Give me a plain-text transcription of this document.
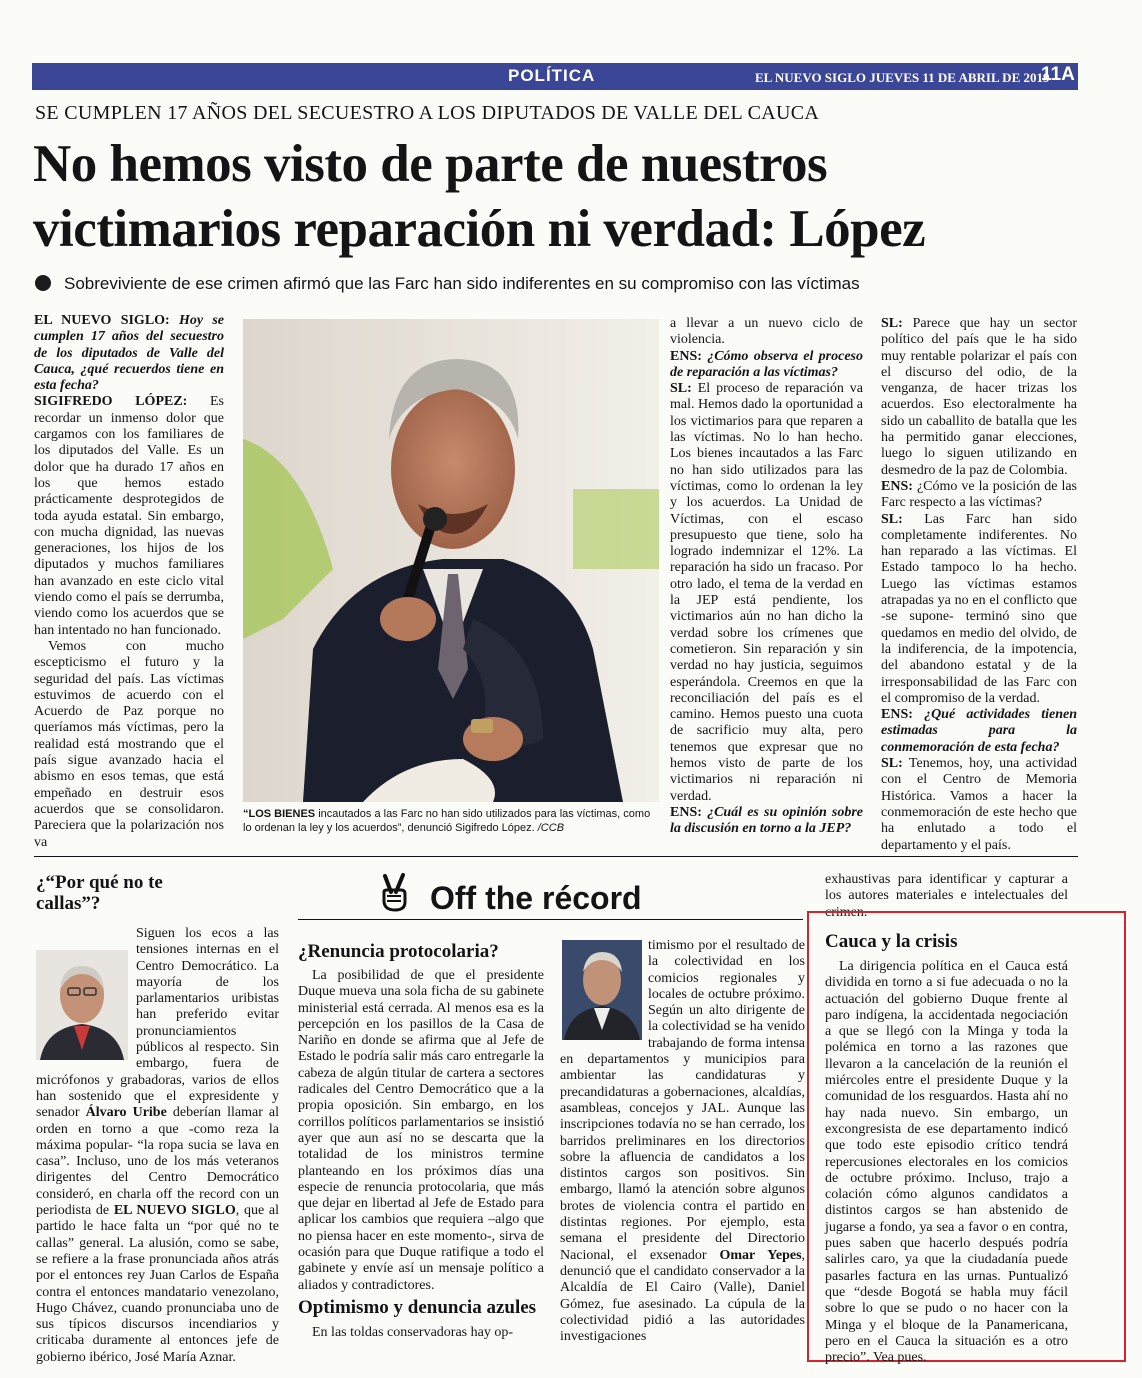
POLÍTICA	EL NUEVO SIGLO JUEVES 11 DE ABRIL DE 2019
11A
SE CUMPLEN 17 AÑOS DEL SECUESTRO A LOS DIPUTADOS DE VALLE DEL CAUCA
No hemos visto de parte de nuestros victimarios reparación ni verdad: López
Sobreviviente de ese crimen afirmó que las Farc han sido indiferentes en su compromiso con las víctimas

EL NUEVO SIGLO: Hoy se cumplen 17 años del secuestro de los diputados de Valle del Cauca, ¿qué recuerdos tiene en esta fecha?

SIGIFREDO LÓPEZ: Es recordar un inmenso dolor que cargamos con los familiares de los diputados del Valle. Es un dolor que ha durado 17 años en los que hemos estado prácticamente desprotegidos de toda ayuda estatal. Sin embargo, con mucha dignidad, las nuevas generaciones, los hijos de los diputados y muchos familiares han avanzado en este ciclo vital viendo como el país se derrumba, viendo como los acuerdos que se han intentado no han funcionado.

Vemos con mucho escepticismo el futuro y la seguridad del país. Las víctimas estuvimos de acuerdo con el Acuerdo de Paz porque no queríamos más víctimas, pero la realidad está mostrando que el país sigue avanzado hacia el abismo en esos temas, que está empeñado en destruir esos acuerdos que se consolidaron. Pareciera que la polarización nos va

“LOS BIENES incautados a las Farc no han sido utilizados para las víctimas, como lo ordenan la ley y los acuerdos”, denunció Sigifredo López. /CCB

a llevar a un nuevo ciclo de violencia.

ENS: ¿Cómo observa el proceso de reparación a las víctimas?

SL: El proceso de reparación va mal. Hemos dado la oportunidad a los victimarios para que reparen a las víctimas. No lo han hecho. Los bienes incautados a las Farc no han sido utilizados para las víctimas, como lo ordenan la ley y los acuerdos. La Unidad de Víctimas, con el escaso presupuesto que tiene, solo ha logrado indemnizar el 12%. La reparación ha sido un fracaso. Por otro lado, el tema de la verdad en la JEP está pendiente, los victimarios aún no han dicho la verdad sobre los crímenes que cometieron. Sin reparación y sin verdad no hay justicia, seguimos esperándola. Creemos en que la reconciliación del país es el camino. Hemos puesto una cuota de sacrificio muy alta, pero tenemos que expresar que no hemos visto de parte de los victimarios ni reparación ni verdad.

ENS: ¿Cuál es su opinión sobre la discusión en torno a la JEP?

SL: Parece que hay un sector político del país que le ha sido muy rentable polarizar el país con el discurso del odio, de la venganza, de hacer trizas los acuerdos. Eso electoralmente ha sido un caballito de batalla que les ha permitido ganar elecciones, luego lo siguen utilizando en desmedro de la paz de Colombia.

ENS: ¿Cómo ve la posición de las Farc respecto a las víctimas?

SL: Las Farc han sido completamente indiferentes. No han reparado a las víctimas. El Estado tampoco lo ha hecho. Luego las víctimas estamos atrapadas ya no en el conflicto que -se supone- terminó sino que quedamos en medio del olvido, de la indiferencia, de la impotencia, del abandono estatal y de la irresponsabilidad de las Farc con el compromiso de la verdad.

ENS: ¿Qué actividades tienen estimadas para la conmemoración de esta fecha?

SL: Tenemos, hoy, una actividad con el Centro de Memoria Histórica. Vamos a hacer la conmemoración de este hecho que ha enlutado a todo el departamento y el país.

Off the récord
¿“Por qué no te callas”?

Siguen los ecos a las tensiones internas en el Centro Democrático. La mayoría de los parlamentarios uribistas han preferido evitar pronunciamientos públicos al respecto. Sin embargo, fuera de micrófonos y grabadoras, varios de ellos han sostenido que el expresidente y senador Álvaro Uribe deberían llamar al orden en torno a que -como reza la máxima popular- “la ropa sucia se lava en casa”. Incluso, uno de los más veteranos dirigentes del Centro Democrático consideró, en charla off the record con un periodista de EL NUEVO SIGLO, que al partido le hace falta un “por qué no te callas” general. La alusión, como se sabe, se refiere a la frase pronunciada años atrás por el entonces rey Juan Carlos de España contra el entonces mandatario venezolano, Hugo Chávez, cuando pronunciaba uno de sus típicos discursos incendiarios y criticaba duramente al entonces jefe de gobierno ibérico, José María Aznar.

¿Renuncia protocolaria?

La posibilidad de que el presidente Duque mueva una sola ficha de su gabinete ministerial está cerrada. Al menos esa es la percepción en los pasillos de la Casa de Nariño en donde se afirma que al Jefe de Estado le podría salir más caro entregarle la cabeza de algún titular de cartera a sectores radicales del Centro Democrático que a la propia oposición. Sin embargo, en los corrillos políticos parlamentarios se insistió ayer que aun así no se descarta que la totalidad de los ministros termine planteando en los próximos días una especie de renuncia protocolaria, que más que dejar en libertad al Jefe de Estado para aplicar los cambios que requiera –algo que no piensa hacer en este momento-, sirva de ocasión para que Duque ratifique a todo el gabinete y envíe así un mensaje político a aliados y contradictores.

Optimismo y denuncia azules

En las toldas conservadoras hay op-

timismo por el resultado de la colectividad en los comicios regionales y locales de octubre próximo. Según un alto dirigente de la colectividad se ha venido trabajando de forma intensa en departamentos y municipios para ambientar las candidaturas y precandidaturas a gobernaciones, alcaldías, asambleas, concejos y JAL. Aunque las inscripciones todavía no se han cerrado, los barridos preliminares en los directorios sobre la afluencia de candidatos a los distintos cargos son positivos. Sin embargo, llamó la atención sobre algunos brotes de violencia contra el partido en distintas regiones. Por ejemplo, esta semana el presidente del Directorio Nacional, el exsenador Omar Yepes, denunció que el candidato conservador a la Alcaldía de El Cairo (Valle), Daniel Gómez, fue asesinado. La cúpula de la colectividad pidió a las autoridades investigaciones

exhaustivas para identificar y capturar a los autores materiales e intelectuales del crimen.

Cauca y la crisis

La dirigencia política en el Cauca está dividida en torno a si fue adecuada o no la actuación del gobierno Duque frente al paro indígena, la accidentada negociación a que se llegó con la Minga y toda la polémica en torno a las razones que llevaron a la cancelación de la reunión el miércoles entre el presidente Duque y la comunidad de los resguardos. Hasta ahí no hay nada nuevo. Sin embargo, un excongresista de ese departamento indicó que todo este episodio crítico tendrá repercusiones electorales en los comicios de octubre próximo. Incluso, trajo a colación cómo algunos candidatos a distintos cargos se han abstenido de jugarse a fondo, ya sea a favor o en contra, pues saben que hacerlo después podría salirles caro, ya que la ciudadanía puede pasarles factura en las urnas. Puntualizó que “desde Bogotá se habla muy fácil sobre lo que se pudo o no hacer con la Minga y el bloque de la Panamericana, pero en el Cauca la situación es a otro precio”. Vea pues.
